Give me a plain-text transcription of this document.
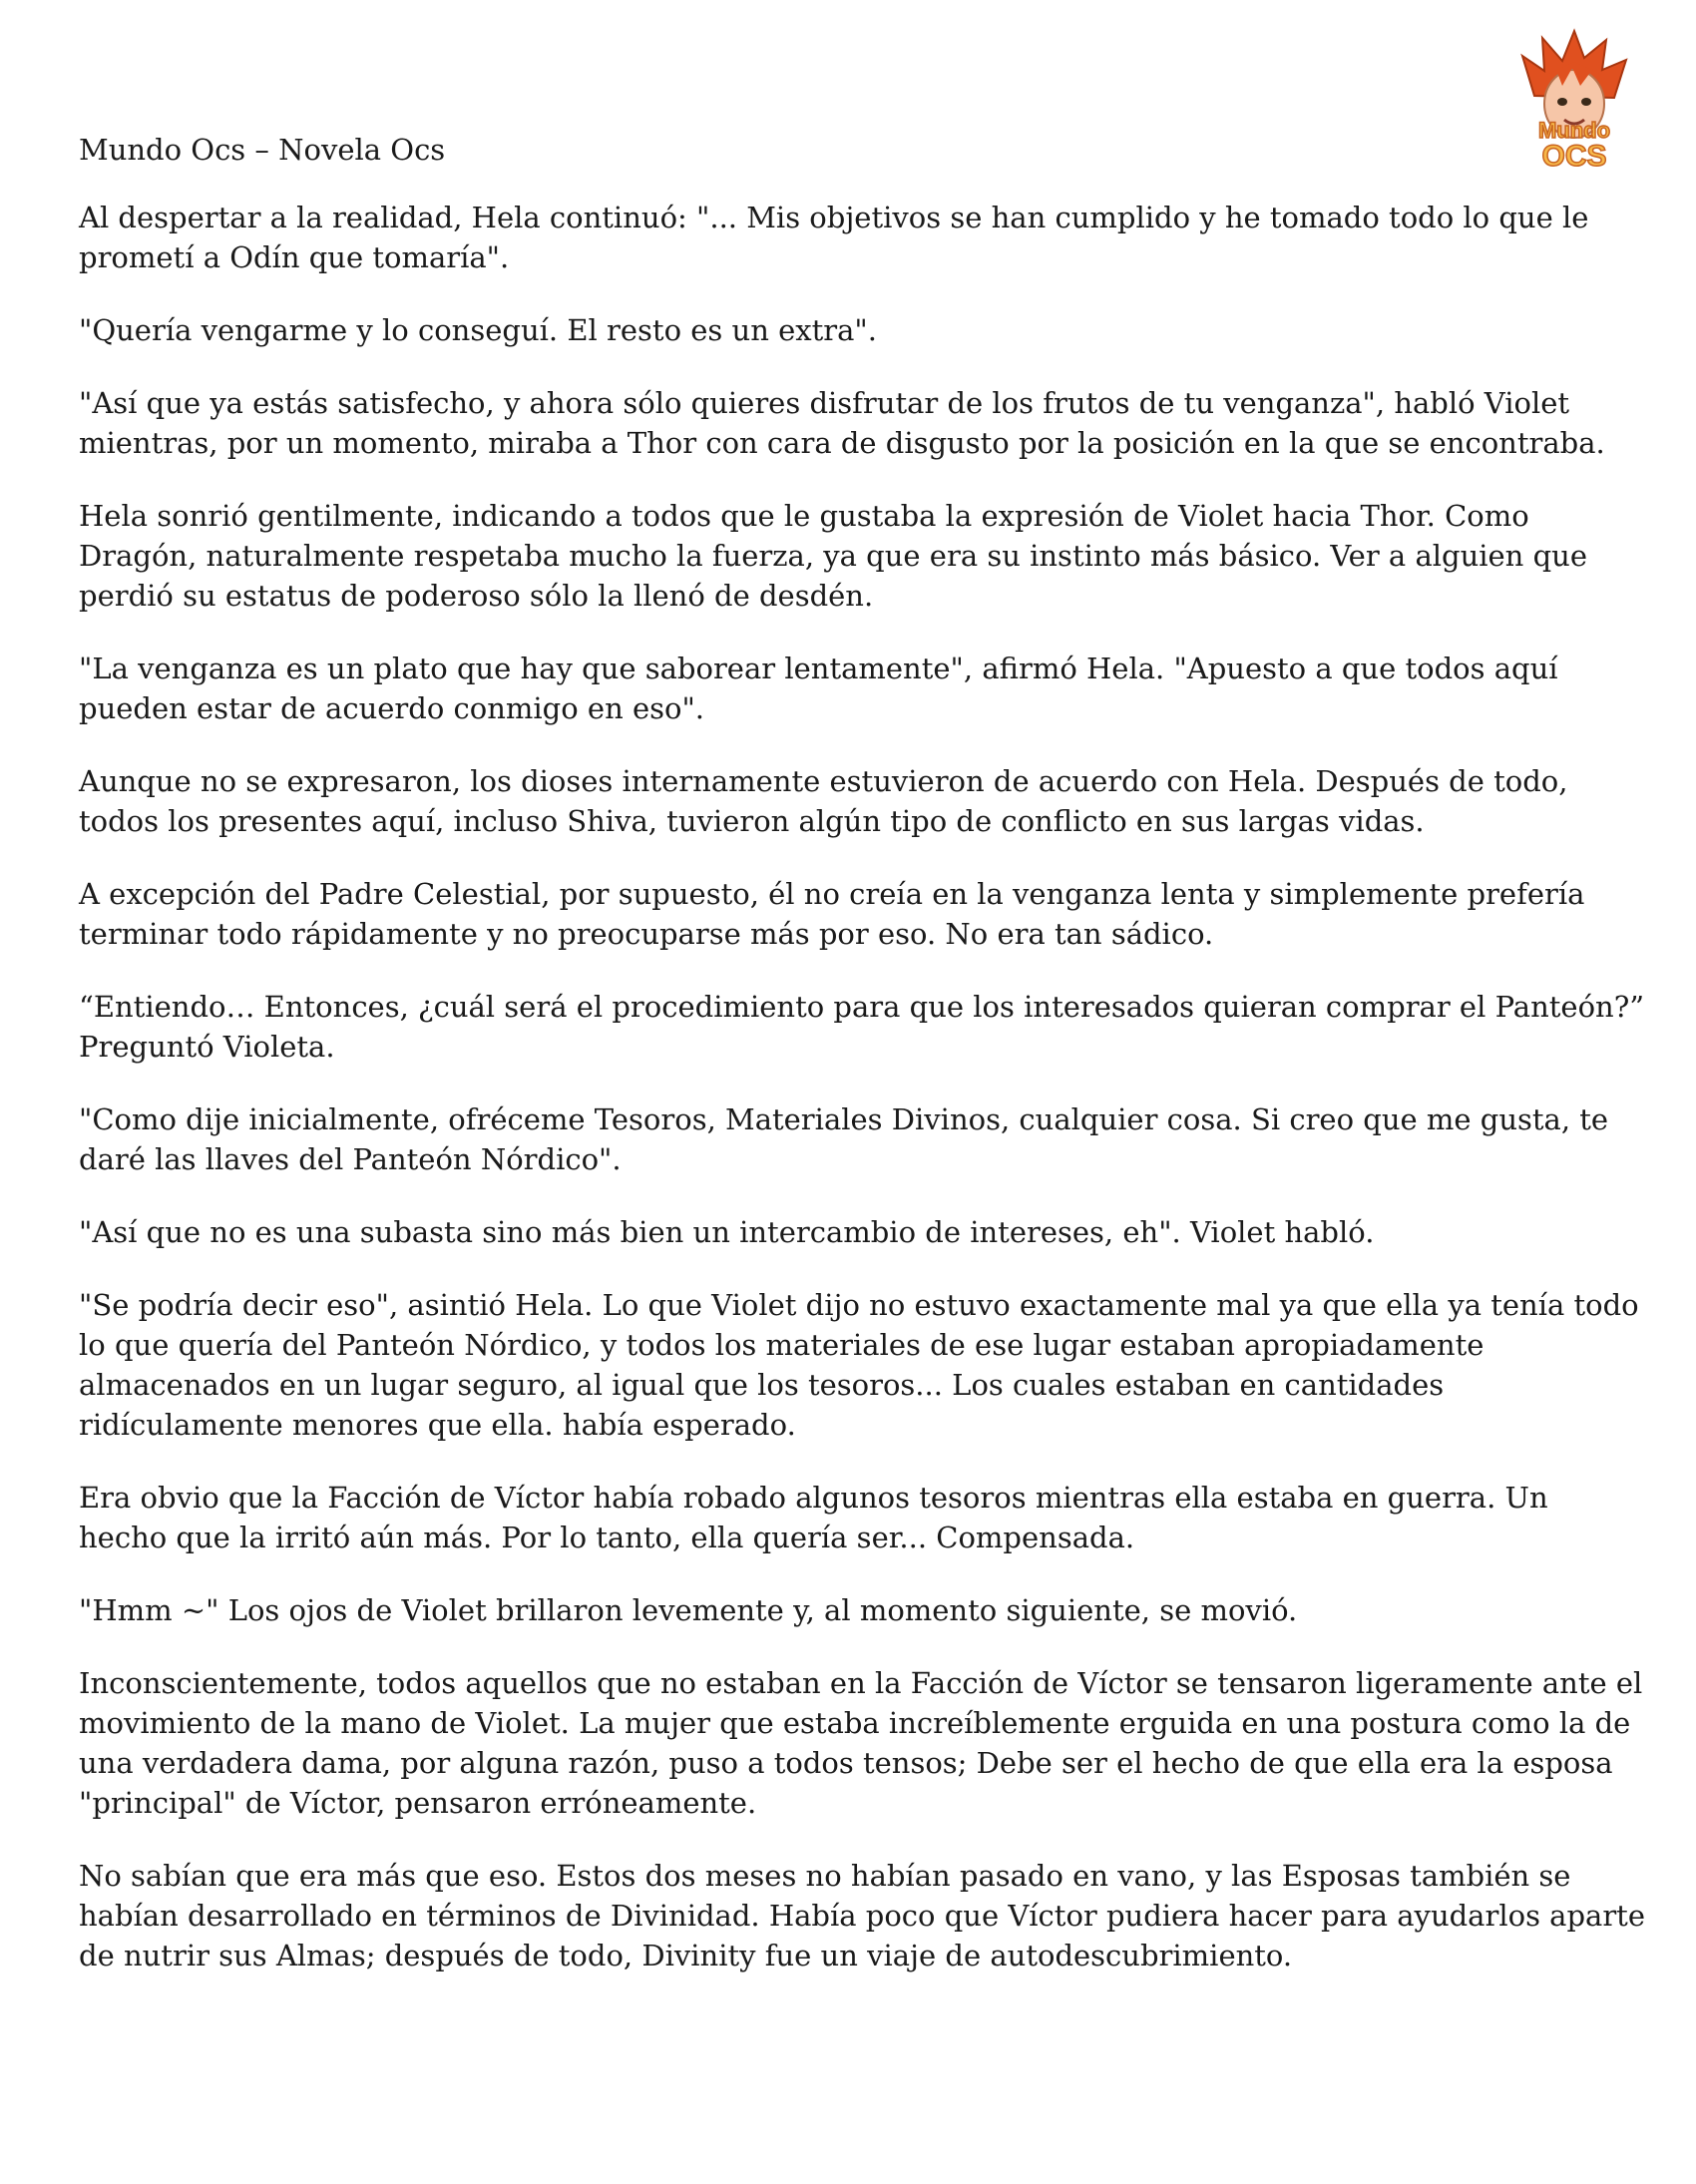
Mundo
OCS
Mundo Ocs – Novela Ocs

Al despertar a la realidad, Hela continuó: "... Mis objetivos se han cumplido y he tomado todo lo que le prometí a Odín que tomaría".

"Quería vengarme y lo conseguí. El resto es un extra".

"Así que ya estás satisfecho, y ahora sólo quieres disfrutar de los frutos de tu venganza", habló Violet mientras, por un momento, miraba a Thor con cara de disgusto por la posición en la que se encontraba.

Hela sonrió gentilmente, indicando a todos que le gustaba la expresión de Violet hacia Thor. Como Dragón, naturalmente respetaba mucho la fuerza, ya que era su instinto más básico. Ver a alguien que perdió su estatus de poderoso sólo la llenó de desdén.

"La venganza es un plato que hay que saborear lentamente", afirmó Hela. "Apuesto a que todos aquí pueden estar de acuerdo conmigo en eso".

Aunque no se expresaron, los dioses internamente estuvieron de acuerdo con Hela. Después de todo, todos los presentes aquí, incluso Shiva, tuvieron algún tipo de conflicto en sus largas vidas.

A excepción del Padre Celestial, por supuesto, él no creía en la venganza lenta y simplemente prefería terminar todo rápidamente y no preocuparse más por eso. No era tan sádico.

“Entiendo… Entonces, ¿cuál será el procedimiento para que los interesados quieran comprar el Panteón?” Preguntó Violeta.

"Como dije inicialmente, ofréceme Tesoros, Materiales Divinos, cualquier cosa. Si creo que me gusta, te daré las llaves del Panteón Nórdico".

"Así que no es una subasta sino más bien un intercambio de intereses, eh". Violet habló.

"Se podría decir eso", asintió Hela. Lo que Violet dijo no estuvo exactamente mal ya que ella ya tenía todo lo que quería del Panteón Nórdico, y todos los materiales de ese lugar estaban apropiadamente almacenados en un lugar seguro, al igual que los tesoros... Los cuales estaban en cantidades ridículamente menores que ella. había esperado.

Era obvio que la Facción de Víctor había robado algunos tesoros mientras ella estaba en guerra. Un hecho que la irritó aún más. Por lo tanto, ella quería ser... Compensada.

"Hmm ~" Los ojos de Violet brillaron levemente y, al momento siguiente, se movió.

Inconscientemente, todos aquellos que no estaban en la Facción de Víctor se tensaron ligeramente ante el movimiento de la mano de Violet. La mujer que estaba increíblemente erguida en una postura como la de una verdadera dama, por alguna razón, puso a todos tensos; Debe ser el hecho de que ella era la esposa "principal" de Víctor, pensaron erróneamente.

No sabían que era más que eso. Estos dos meses no habían pasado en vano, y las Esposas también se habían desarrollado en términos de Divinidad. Había poco que Víctor pudiera hacer para ayudarlos aparte de nutrir sus Almas; después de todo, Divinity fue un viaje de autodescubrimiento.
